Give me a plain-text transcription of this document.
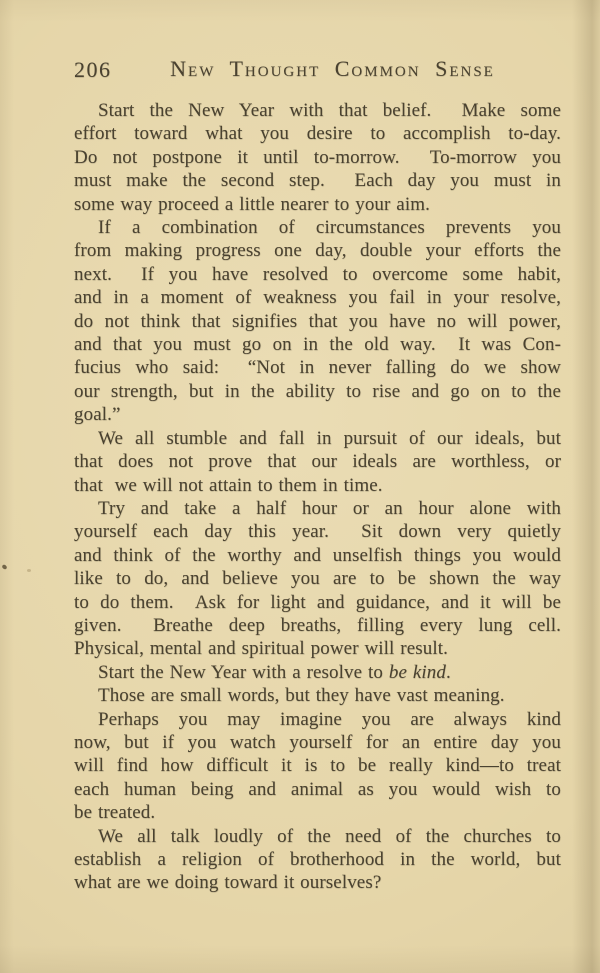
206	New Thought Common Sense
Start the New Year with that belief.  Make some
effort toward what you desire to accomplish to-day.
Do not postpone it until to-morrow.  To-morrow you
must make the second step.  Each day you must in
some way proceed a little nearer to your aim.
If a combination of circumstances prevents you
from making progress one day, double your efforts the
next.  If you have resolved to overcome some habit,
and in a moment of weakness you fail in your resolve,
do not think that signifies that you have no will power,
and that you must go on in the old way.  It was Con-
fucius who said:  “Not in never falling do we show
our strength, but in the ability to rise and go on to the
goal.”
We all stumble and fall in pursuit of our ideals, but
that does not prove that our ideals are worthless, or
that  we will not attain to them in time.
Try and take a half hour or an hour alone with
yourself each day this year.  Sit down very quietly
and think of the worthy and unselfish things you would
like to do, and believe you are to be shown the way
to do them.  Ask for light and guidance, and it will be
given.  Breathe deep breaths, filling every lung cell.
Physical, mental and spiritual power will result.
Start the New Year with a resolve to be kind.
Those are small words, but they have vast meaning.
Perhaps you may imagine you are always kind
now, but if you watch yourself for an entire day you
will find how difficult it is to be really kind—to treat
each human being and animal as you would wish to
be treated.
We all talk loudly of the need of the churches to
establish a religion of brotherhood in the world, but
what are we doing toward it ourselves?
